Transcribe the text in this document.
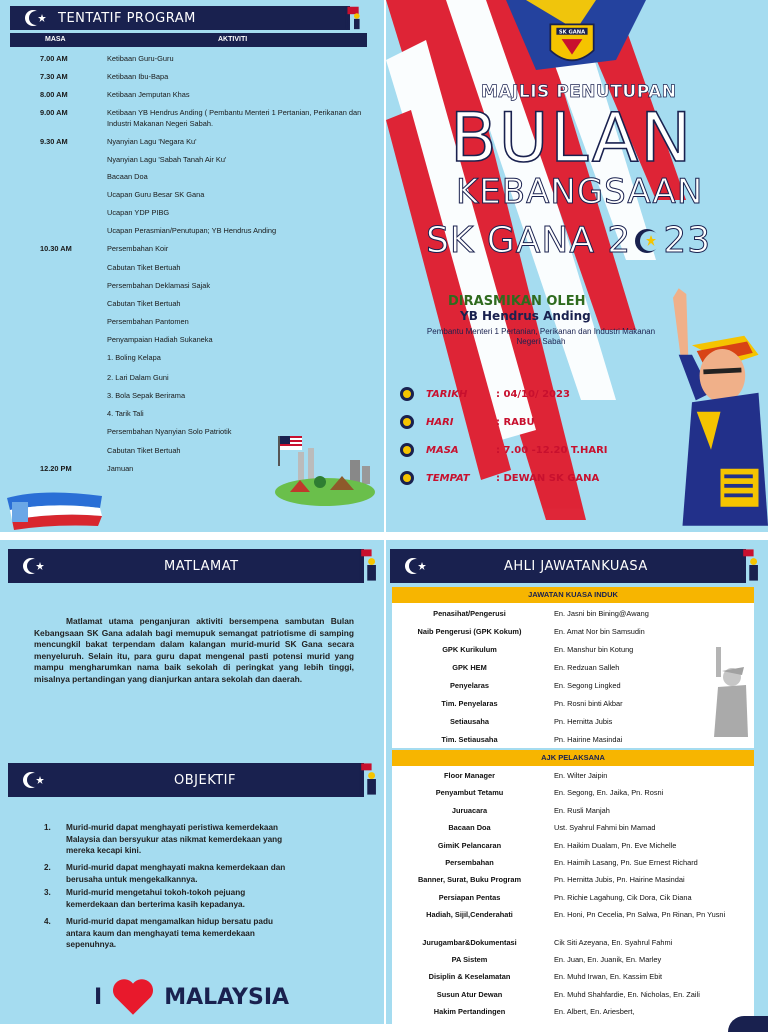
TENTATIF PROGRAM
MASA	AKTIVITI
7.00 AM	Ketibaan Guru-Guru
7.30 AM	Ketibaan Ibu-Bapa
8.00 AM	Ketibaan Jemputan Khas
9.00 AM	Ketibaan YB Hendrus Anding ( Pembantu Menteri 1 Pertanian, Perikanan dan Industri Makanan Negeri Sabah.
9.30 AM	Nyanyian Lagu 'Negara Ku'
Nyanyian Lagu 'Sabah Tanah Air Ku'
Bacaan Doa
Ucapan Guru Besar SK Gana
Ucapan YDP PIBG
Ucapan Perasmian/Penutupan; YB Hendrus Anding
10.30 AM	Persembahan Koir
Cabutan Tiket Bertuah
Persembahan Deklamasi Sajak
Cabutan Tiket Bertuah
Persembahan Pantomen
Penyampaian Hadiah Sukaneka
1. Boling Kelapa
2. Lari Dalam Guni
3. Bola Sepak Berirama
4. Tarik Tali
Persembahan Nyanyian Solo Patriotik
Cabutan Tiket Bertuah
12.20 PM	Jamuan
SK GANA
MAJLIS PENUTUPAN
BULAN
KEBANGSAAN
SK GANA 2 23
DIRASMIKAN OLEH
YB Hendrus Anding
Pembantu Menteri 1 Pertanian, Perikanan dan Industri Makanan Negeri Sabah
TARIKH	: 04/10/ 2023
HARI	: RABU
MASA	: 7.00 -12.20 T.HARI
TEMPAT	: DEWAN SK GANA
MATLAMAT
Matlamat utama penganjuran aktiviti bersempena sambutan Bulan Kebangsaan SK Gana adalah bagi memupuk semangat patriotisme di samping mencungkil bakat terpendam dalam kalangan murid-murid SK Gana secara menyeluruh. Selain itu, para guru dapat mengenal pasti potensi murid yang mampu mengharumkan nama baik sekolah di peringkat yang lebih tinggi, misalnya pertandingan yang dianjurkan antara sekolah dan daerah.
OBJEKTIF
1. Murid-murid dapat menghayati peristiwa kemerdekaan
Malaysia dan bersyukur atas nikmat kemerdekaan yang
mereka kecapi kini.
2. Murid-murid dapat menghayati makna kemerdekaan dan
berusaha untuk mengekalkannya.
3. Murid-murid mengetahui tokoh-tokoh pejuang
kemerdekaan dan berterima kasih kepadanya.
4. Murid-murid dapat mengamalkan hidup bersatu padu
antara kaum dan menghayati tema kemerdekaan
sepenuhnya.
I	MALAYSIA
AHLI JAWATANKUASA
JAWATAN KUASA INDUK
AJK PELAKSANA
Penasihat/Pengerusi	En. Jasni bin Bining@Awang
Naib Pengerusi (GPK Kokum)	En. Amat Nor bin Samsudin
GPK Kurikulum	En. Manshur bin Kotung
GPK HEM	En. Redzuan Salleh
Penyelaras	En. Segong Lingked
Tim. Penyelaras	Pn. Rosni binti Akbar
Setiausaha	Pn. Hernitta Jubis
Tim. Setiausaha	Pn. Hairine Masindai
Floor Manager	En. Wilter Jaipin
Penyambut Tetamu	En. Segong, En. Jaika, Pn. Rosni
Juruacara	En. Rusli Manjah
Bacaan Doa	Ust. Syahrul Fahmi bin Mamad
GimiK Pelancaran	En. Haikim Dualam, Pn. Eve Michelle
Persembahan	En. Haimih Lasang, Pn. Sue Ernest Richard
Banner, Surat, Buku Program	Pn. Hernitta Jubis, Pn. Hairine Masindai
Persiapan Pentas	Pn. Richie Lagahung, Cik Dora, Cik Diana
Hadiah, Sijil,Cenderahati	En. Honi, Pn Cecelia, Pn Salwa, Pn Rinan, Pn Yusni
Jurugambar&Dokumentasi	Cik Siti Azeyana, En. Syahrul Fahmi
PA Sistem	En. Juan, En. Juanik, En. Marley
Disiplin & Keselamatan	En. Muhd Irwan, En. Kassim Ebit
Susun Atur Dewan	En. Muhd Shahfardie, En. Nicholas, En. Zaili
Hakim Pertandingen	En. Albert, En. Ariesbert,
